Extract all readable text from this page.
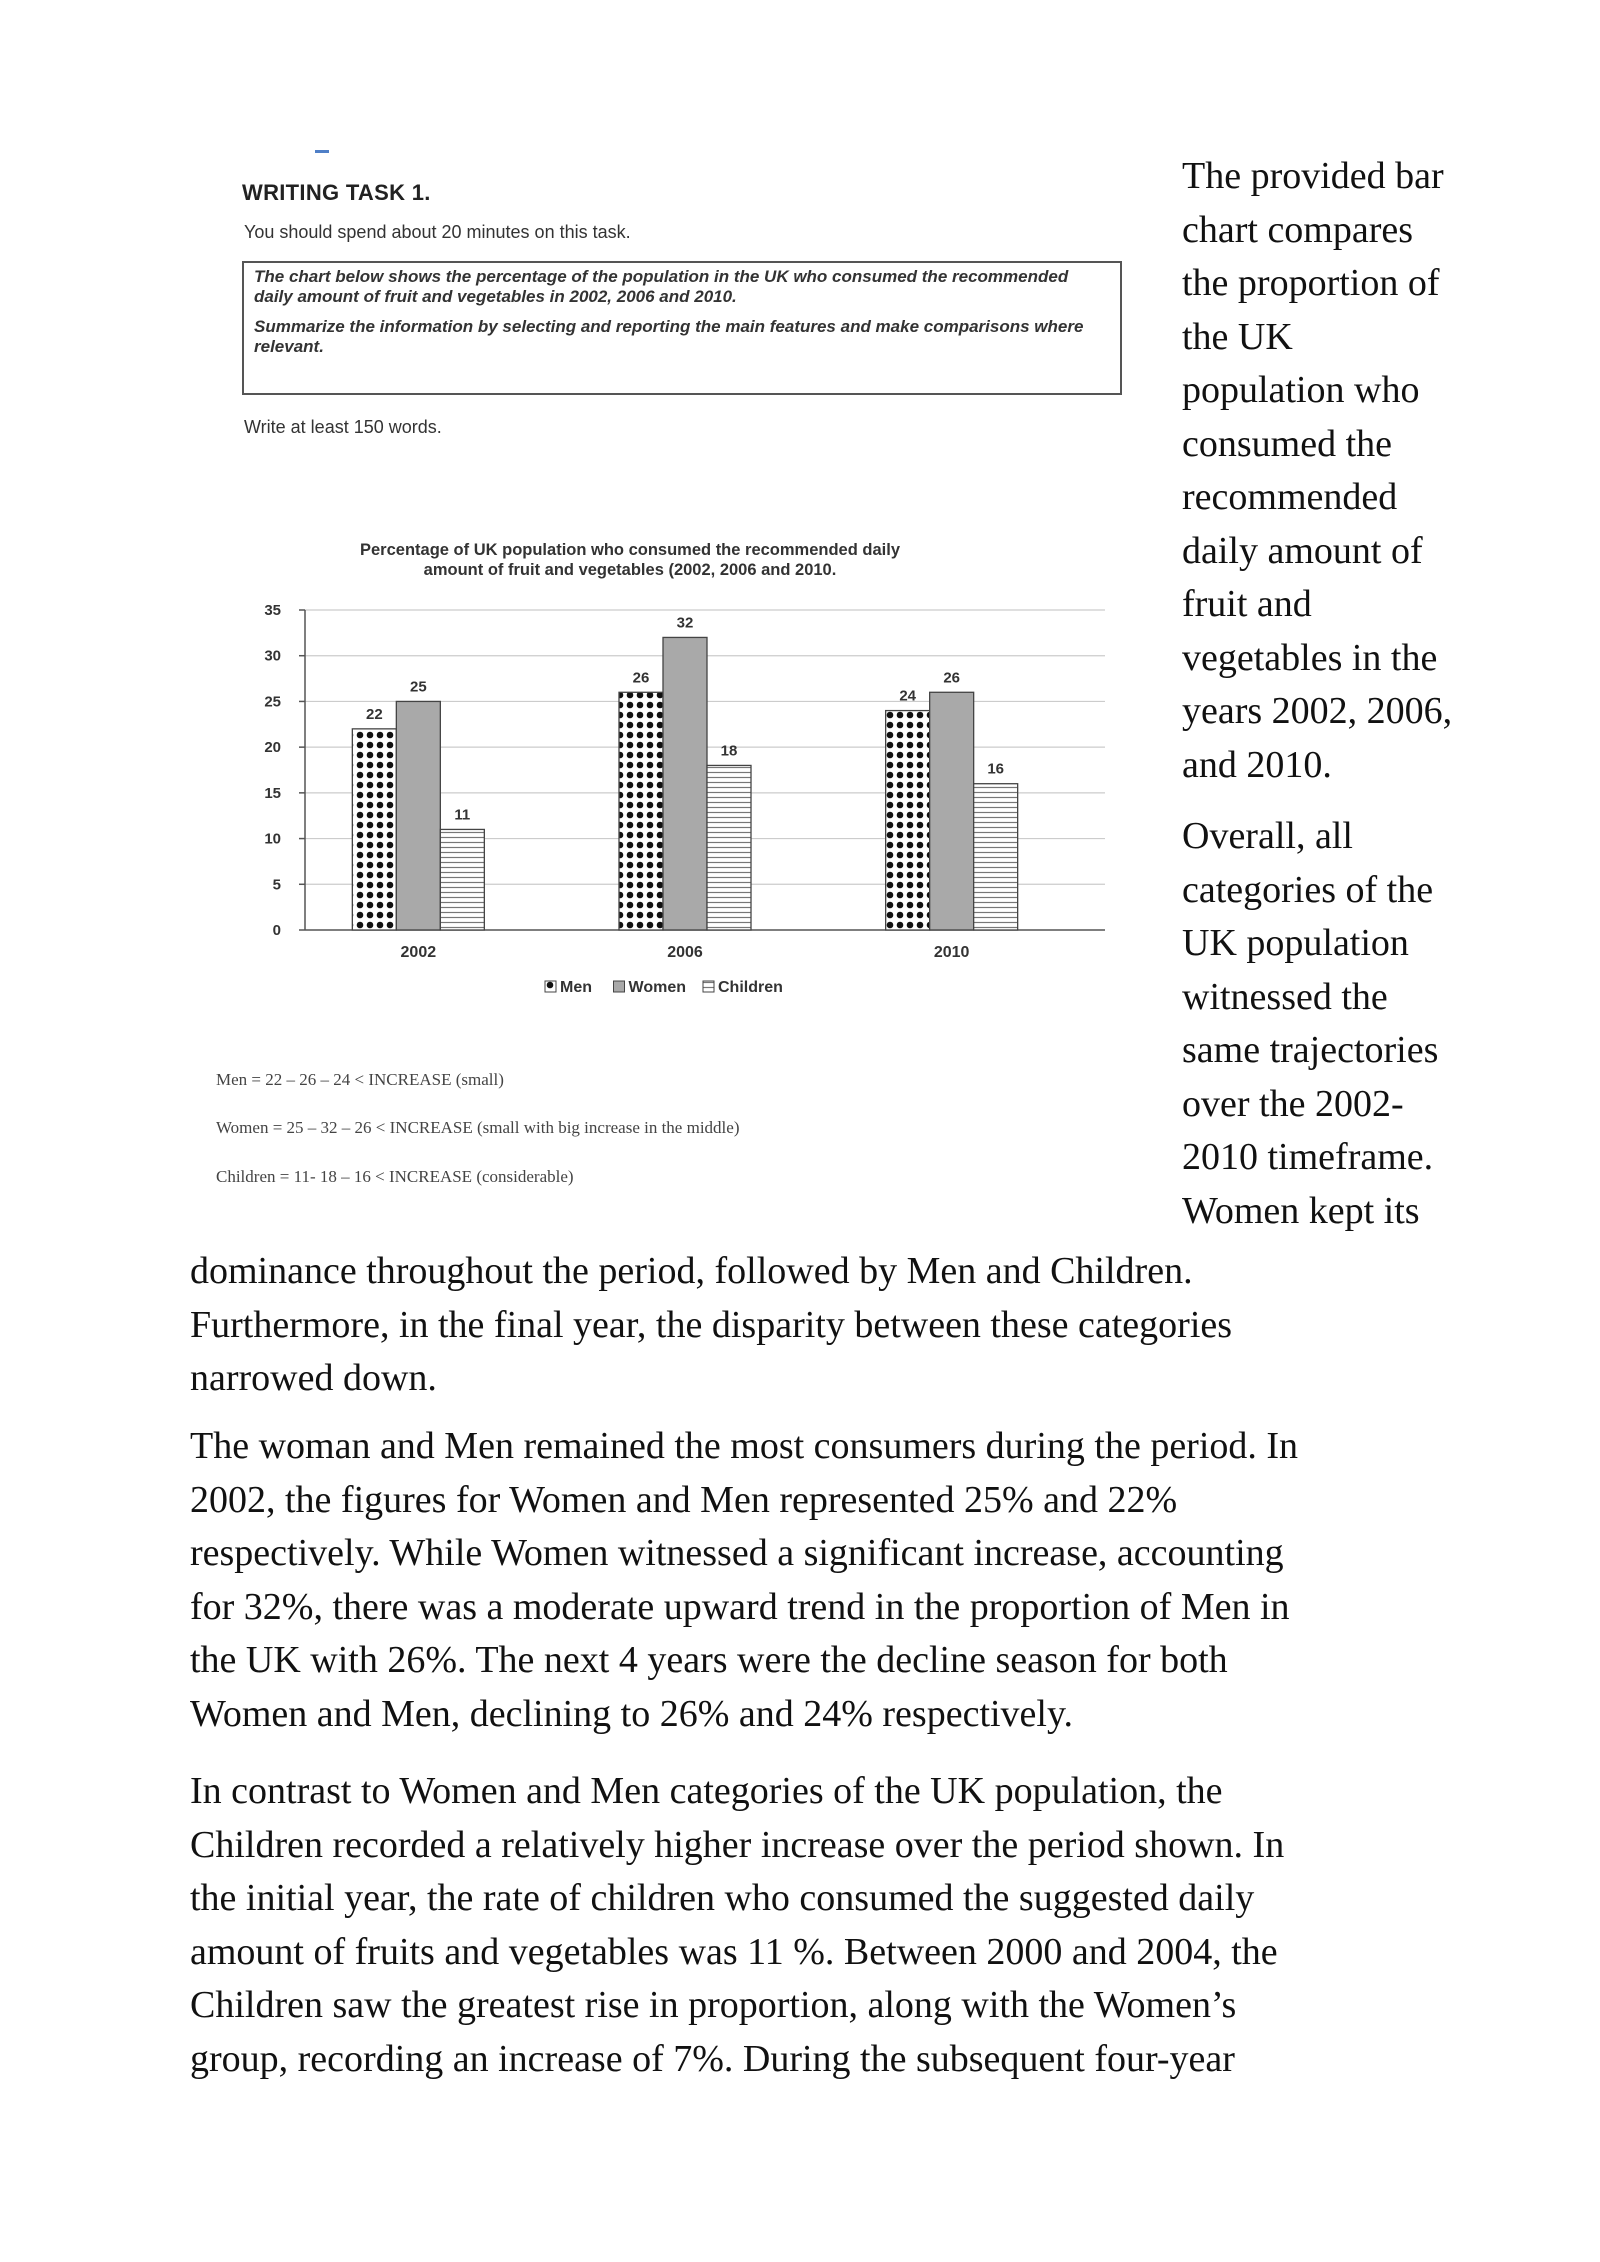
WRITING TASK 1.
You should spend about 20 minutes on this task.

The chart below shows the percentage of the population in the UK who consumed the recommended daily amount of fruit and vegetables in 2002, 2006 and 2010.

Summarize the information by selecting and reporting the main features and make comparisons where relevant.

Write at least 150 words.
Percentage of UK population who consumed the recommended daily
amount of fruit and vegetables (2002, 2006 and 2010.
0
5
10
15
20
25
30
35
22
25
11
2002
26
32
18
2006
24
26
16
2010
Men Women Children
Men = 22 – 26 – 24 < INCREASE (small)
Women = 25 – 32 – 26 < INCREASE (small with big increase in the middle)
Children = 11- 18 – 16 < INCREASE (considerable)

The provided bar
chart compares
the proportion of
the UK
population who
consumed the
recommended
daily amount of
fruit and
vegetables in the
years 2002, 2006,
and 2010.

Overall, all
categories of the
UK population
witnessed the
same trajectories
over the 2002-
2010 timeframe.
Women kept its

dominance throughout the period, followed by Men and Children.
Furthermore, in the final year, the disparity between these categories
narrowed down.

The woman and Men remained the most consumers during the period. In
2002, the figures for Women and Men represented 25% and 22%
respectively. While Women witnessed a significant increase, accounting
for 32%, there was a moderate upward trend in the proportion of Men in
the UK with 26%. The next 4 years were the decline season for both
Women and Men, declining to 26% and 24% respectively.

In contrast to Women and Men categories of the UK population, the
Children recorded a relatively higher increase over the period shown. In
the initial year, the rate of children who consumed the suggested daily
amount of fruits and vegetables was 11 %. Between 2000 and 2004, the
Children saw the greatest rise in proportion, along with the Women’s
group, recording an increase of 7%. During the subsequent four-year
